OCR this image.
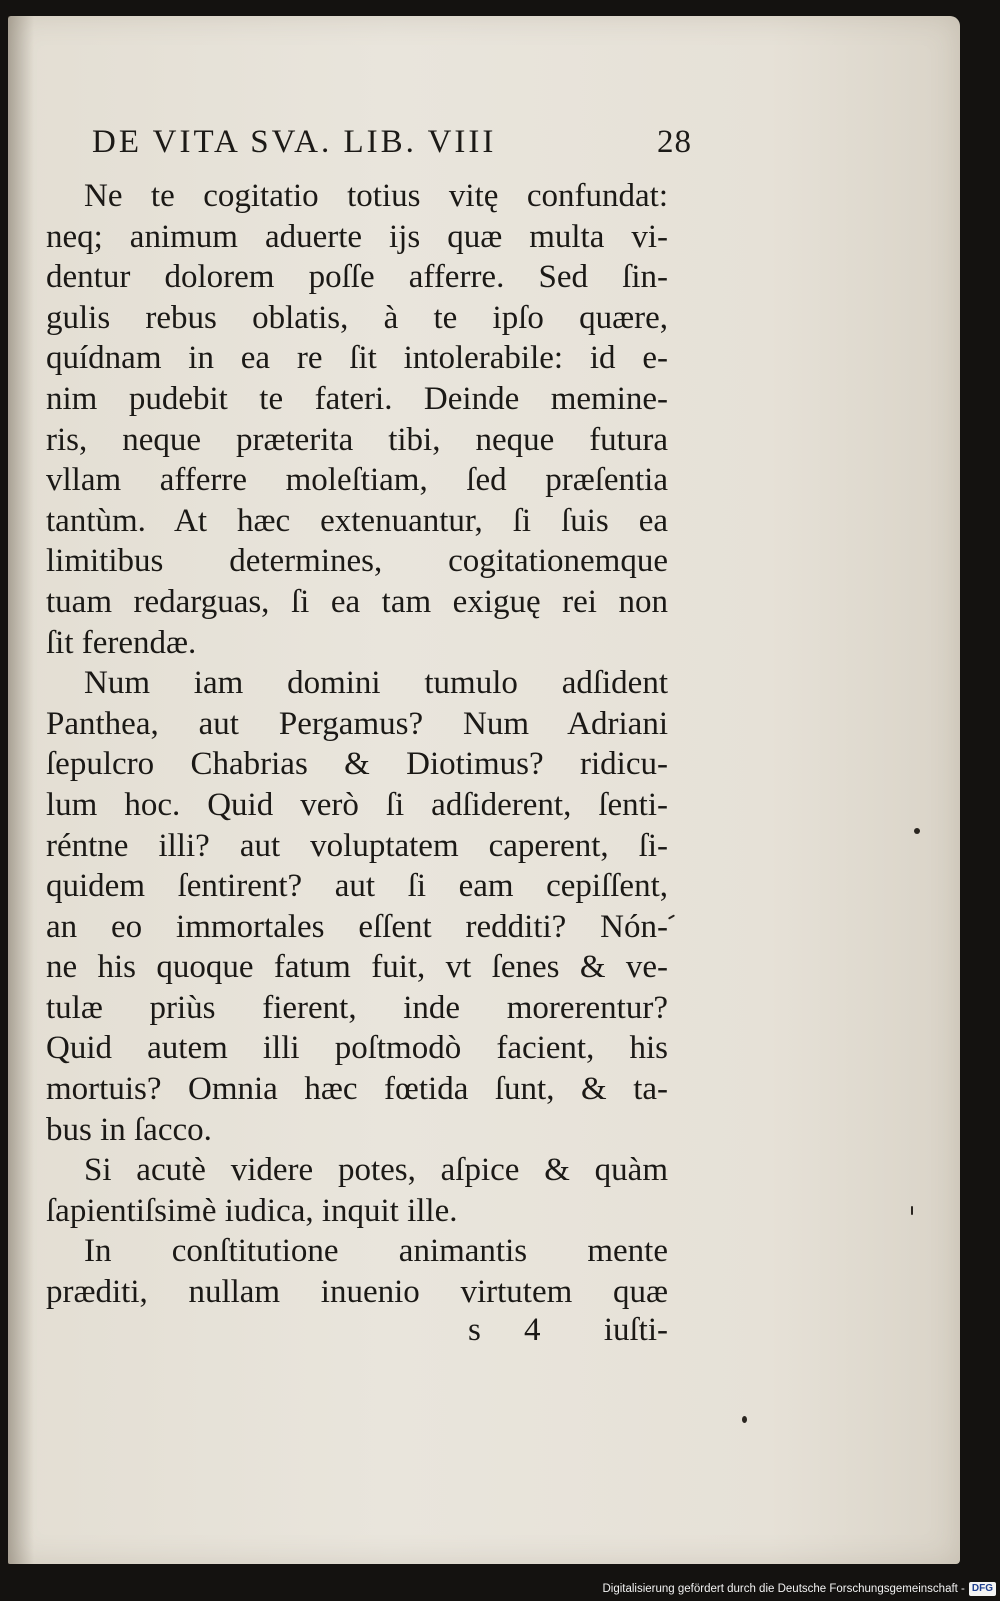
DE VITA SVA. LIB. VIII	28
Ne te cogitatio totius vitę confundat:
neq; animum aduerte ijs quæ multa vi-
dentur dolorem poſſe afferre. Sed ſin-
gulis rebus oblatis, à te ipſo quære,
quídnam in ea re ſit intolerabile: id e-
nim pudebit te fateri. Deinde memine-
ris, neque præterita tibi, neque futura
vllam afferre moleſtiam, ſed præſentia
tantùm. At hæc extenuantur, ſi ſuis ea
limitibus determines, cogitationemque
tuam redarguas, ſi ea tam exiguę rei non
ſit ferendæ.
Num iam domini tumulo adſident
Panthea, aut Pergamus? Num Adriani
ſepulcro Chabrias & Diotimus? ridicu-
lum hoc. Quid verò ſi adſiderent, ſenti-
réntne illi? aut voluptatem caperent, ſi-
quidem ſentirent? aut ſi eam cepiſſent,
an eo immortales eſſent redditi? Nón-
ne his quoque fatum fuit, vt ſenes & ve-
tulæ priùs fierent, inde morerentur?
Quid autem illi poſtmodò facient, his
mortuis? Omnia hæc fœtida ſunt, & ta-
bus in ſacco.
Si acutè videre potes, aſpice & quàm
ſapientiſsimè iudica, inquit ille.
In conſtitutione animantis mente
præditi, nullam inuenio virtutem quæ
s 4 iuſti-
Digitalisierung gefördert durch die Deutsche Forschungsgemeinschaft - DFG
